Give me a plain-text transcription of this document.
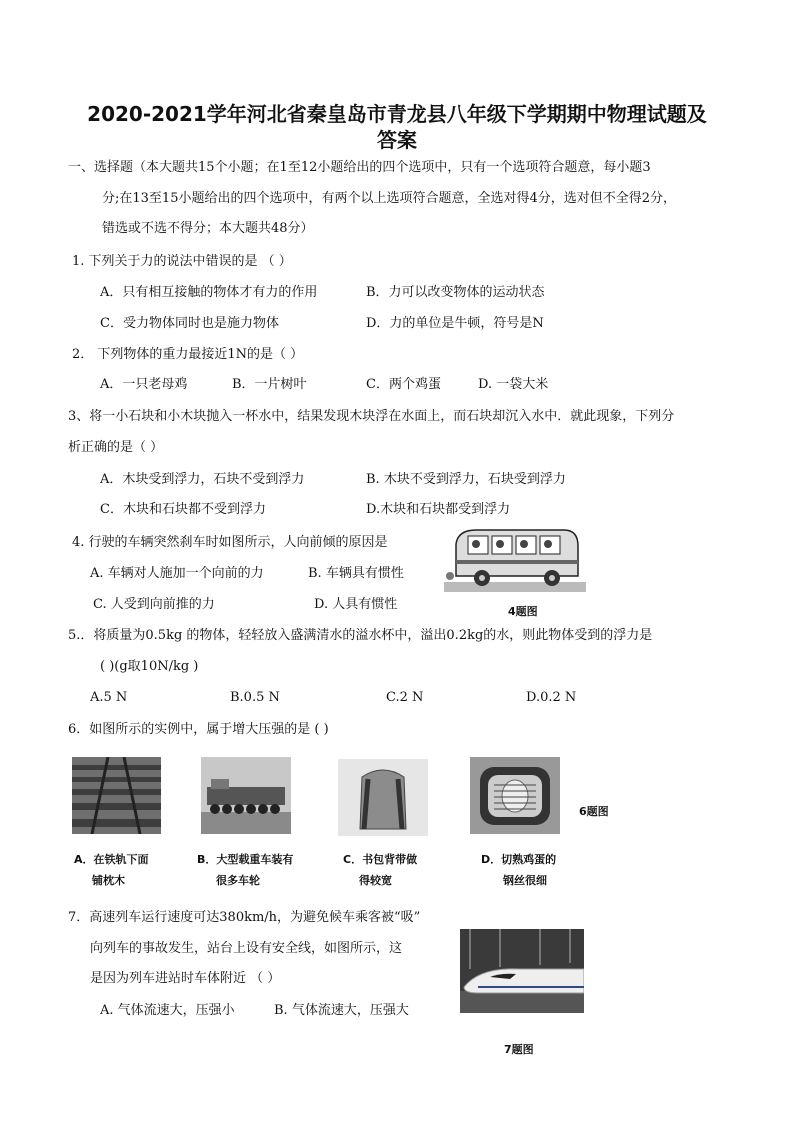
2020-2021学年河北省秦皇岛市青龙县八年级下学期期中物理试题及
答案
一、选择题（本大题共15个小题；在1至12小题给出的四个选项中，只有一个选项符合题意，每小题3
分;在13至15小题给出的四个选项中，有两个以上选项符合题意，全选对得4分，选对但不全得2分，
错选或不选不得分；本大题共48分）
1. 下列关于力的说法中错误的是 （ ）
A．只有相互接触的物体才有力的作用	B．力可以改变物体的运动状态
C．受力物体同时也是施力物体	D．力的单位是牛顿，符号是N
2． 下列物体的重力最接近1N的是（ ）
A．一只老母鸡	B．一片树叶	C．两个鸡蛋	D. 一袋大米
3、将一小石块和小木块抛入一杯水中，结果发现木块浮在水面上，而石块却沉入水中．就此现象，下列分
析正确的是（ ）
A．木块受到浮力，石块不受到浮力	B. 木块不受到浮力，石块受到浮力
C．木块和石块都不受到浮力	D.木块和石块都受到浮力
4. 行驶的车辆突然刹车时如图所示，人向前倾的原因是
A. 车辆对人施加一个向前的力	B. 车辆具有惯性
C. 人受到向前推的力	D. 人具有惯性	4题图
5.．将质量为0.5kg 的物体，轻轻放入盛满清水的溢水杯中，溢出0.2kg的水，则此物体受到的浮力是
( )(g取10N/kg )
A.5 N	B.0.5 N	C.2 N	D.0.2 N
6．如图所示的实例中，属于增大压强的是 ( )
6题图
A．在铁轨下面
铺枕木
B．大型载重车装有
很多车轮
C．书包背带做
得较宽
D．切熟鸡蛋的
钢丝很细
7．高速列车运行速度可达380km/h，为避免候车乘客被“吸”
向列车的事故发生，站台上设有安全线，如图所示，这
是因为列车进站时车体附近 （ ）
A. 气体流速大，压强小	B. 气体流速大，压强大
7题图
